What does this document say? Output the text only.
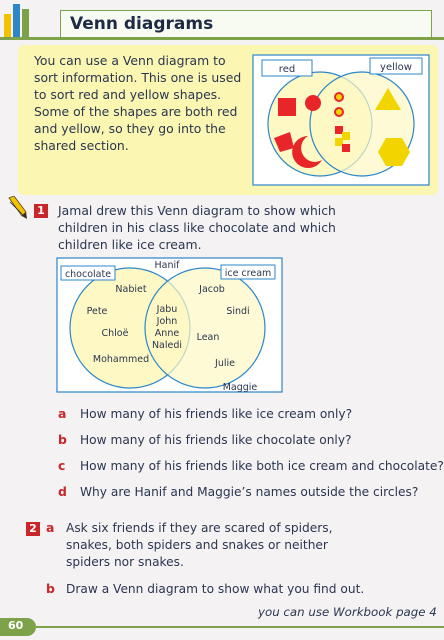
Venn diagrams
You can use a Venn diagram to sort information. This one is used to sort red and yellow shapes. Some of the shapes are both red and yellow, so they go into the shared section.
red	yellow
1 Jamal drew this Venn diagram to show which children in his class like chocolate and which children like ice cream.
chocolate	ice cream
Hanif
Maggie
Nabiet
Pete
Chloë
Mohammed
Jabu
John
Anne
Naledi
Jacob
Sindi
Lean
Julie
a How many of his friends like ice cream only?
b How many of his friends like chocolate only?
c How many of his friends like both ice cream and chocolate?
d Why are Hanif and Maggie’s names outside the circles?
2 a Ask six friends if they are scared of spiders, snakes, both spiders and snakes or neither spiders nor snakes.
b Draw a Venn diagram to show what you find out.
you can use Workbook page 4
60
